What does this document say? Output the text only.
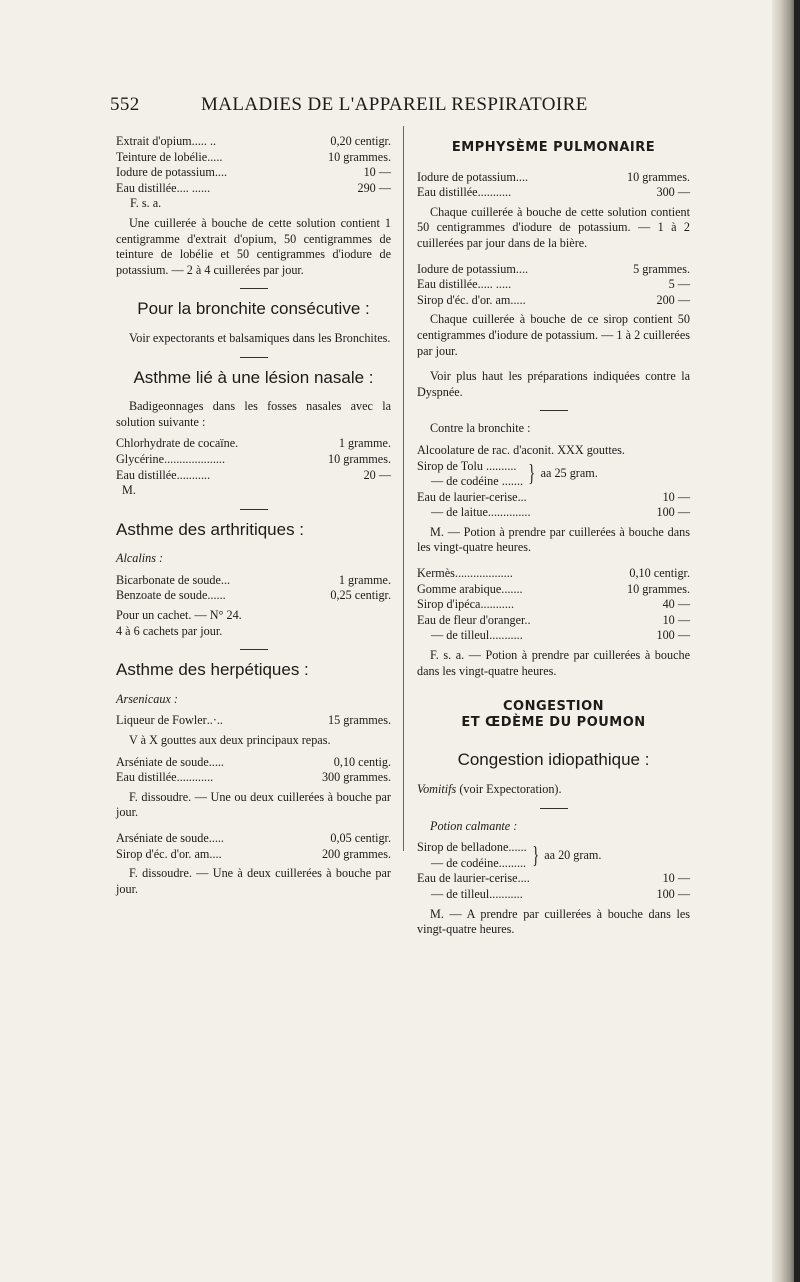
552	MALADIES DE L'APPAREIL RESPIRATOIRE
Extrait d'opium ..... ..	0,20 centigr.
Teinture de lobélie .....	10 grammes.
Iodure de potassium ....	10 —
Eau distillée .... ......	290 —

F. s. a.

Une cuillerée à bouche de cette solution contient 1 centigramme d'extrait d'opium, 50 centigrammes de teinture de lobélie et 50 centigrammes d'iodure de potassium. — 2 à 4 cuillerées par jour.

Pour la bronchite consécutive :

Voir expectorants et balsamiques dans les Bronchites.

Asthme lié à une lésion nasale :

Badigeonnages dans les fosses nasales avec la solution suivante :

Chlorhydrate de cocaïne.	1 gramme.
Glycérine ....................	10 grammes.
Eau distillée ...........	20 —

M.

Asthme des arthritiques :

Alcalins :

Bicarbonate de soude...	1 gramme.
Benzoate de soude ......	0,25 centigr.

Pour un cachet. — N° 24.

4 à 6 cachets par jour.

Asthme des herpétiques :

Arsenicaux :

Liqueur de Fowler ..·..	15 grammes.

V à X gouttes aux deux principaux repas.

Arséniate de soude .....	0,10 centig.
Eau distillée ............	300 grammes.

F. dissoudre. — Une ou deux cuillerées à bouche par jour.

Arséniate de soude .....	0,05 centigr.
Sirop d'éc. d'or. am ....	200 grammes.

F. dissoudre. — Une à deux cuillerées à bouche par jour.

EMPHYSÈME PULMONAIRE
Iodure de potassium ....	10 grammes.
Eau distillée ...........	300 —

Chaque cuillerée à bouche de cette solution contient 50 centigrammes d'iodure de potassium. — 1 à 2 cuillerées par jour dans de la bière.

Iodure de potassium ....	5 grammes.
Eau distillée ..... .....	5 —
Sirop d'éc. d'or. am .....	200 —

Chaque cuillerée à bouche de ce sirop contient 50 centigrammes d'iodure de potassium. — 1 à 2 cuillerées par jour.

Voir plus haut les préparations indiquées contre la Dyspnée.

Contre la bronchite :

Alcoolature de rac. d'aconit. XXX gouttes.

Sirop de Tolu ..........

— de codéine ....... } aa 25 gram.
Eau de laurier-cerise...	10 —
— de laitue ..............	100 —

M. — Potion à prendre par cuillerées à bouche dans les vingt-quatre heures.

Kermès ...................	0,10 centigr.
Gomme arabique .......	10 grammes.
Sirop d'ipéca ...........	40 —
Eau de fleur d'oranger..	10 —
— de tilleul ...........	100 —

F. s. a. — Potion à prendre par cuillerées à bouche dans les vingt-quatre heures.

CONGESTION
ET ŒDÈME DU POUMON
Congestion idiopathique :

Vomitifs (voir Expectoration).

Potion calmante :

Sirop de belladone......

— de codéine......... } aa 20 gram.
Eau de laurier-cerise ....	10 —
— de tilleul ...........	100 —

M. — A prendre par cuillerées à bouche dans les vingt-quatre heures.
